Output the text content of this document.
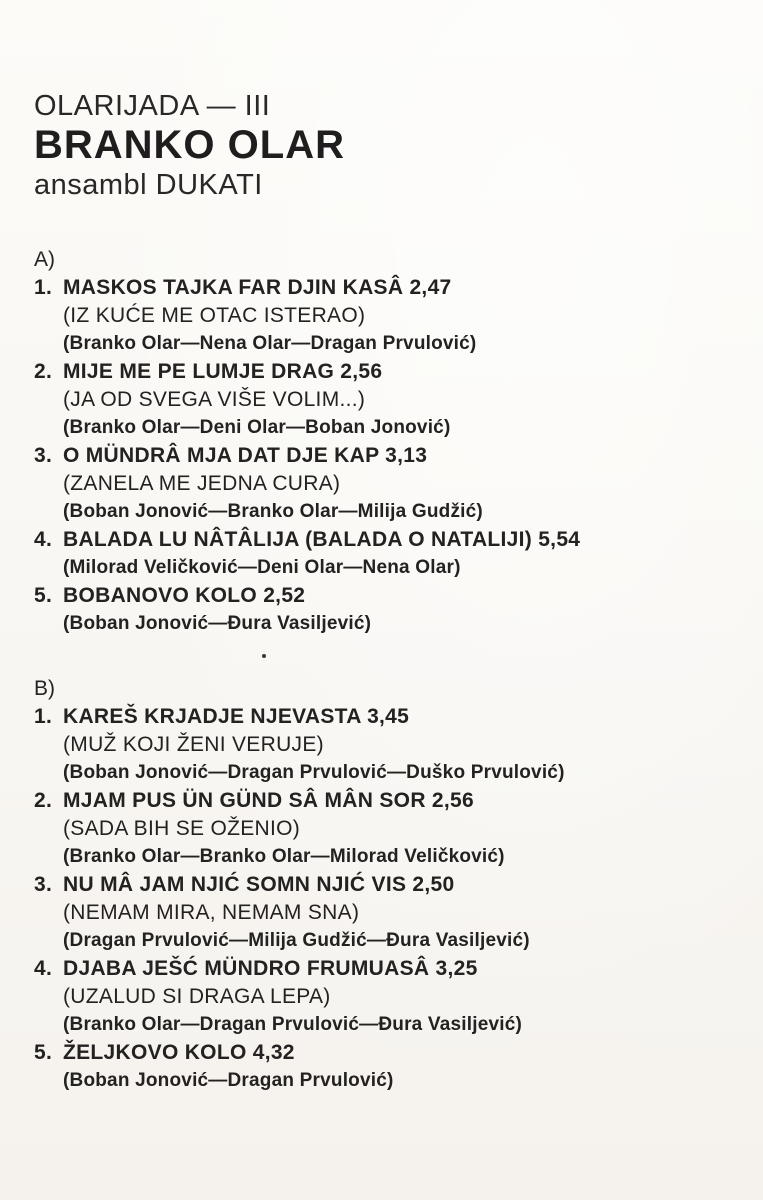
OLARIJADA — III
BRANKO OLAR
ansambl DUKATI
A)
1. MASKOS TAJKA FAR DJIN KASÂ 2,47
(IZ KUĆE ME OTAC ISTERAO)
(Branko Olar—Nena Olar—Dragan Prvulović)
2. MIJE ME PE LUMJE DRAG 2,56
(JA OD SVEGA VIŠE VOLIM...)
(Branko Olar—Deni Olar—Boban Jonović)
3. O MÜNDRÂ MJA DAT DJE KAP 3,13
(ZANELA ME JEDNA CURA)
(Boban Jonović—Branko Olar—Milija Gudžić)
4. BALADA LU NÂTÂLIJA (BALADA O NATALIJI) 5,54
(Milorad Veličković—Deni Olar—Nena Olar)
5. BOBANOVO KOLO 2,52
(Boban Jonović—Đura Vasiljević)
B)
1. KAREŠ KRJADJE NJEVASTA 3,45
(MUŽ KOJI ŽENI VERUJE)
(Boban Jonović—Dragan Prvulović—Duško Prvulović)
2. MJAM PUS ÜN GÜND SÂ MÂN SOR 2,56
(SADA BIH SE OŽENIO)
(Branko Olar—Branko Olar—Milorad Veličković)
3. NU MÂ JAM NJIĆ SOMN NJIĆ VIS 2,50
(NEMAM MIRA, NEMAM SNA)
(Dragan Prvulović—Milija Gudžić—Đura Vasiljević)
4. DJABA JEŠĆ MÜNDRO FRUMUASÂ 3,25
(UZALUD SI DRAGA LEPA)
(Branko Olar—Dragan Prvulović—Đura Vasiljević)
5. ŽELJKOVO KOLO 4,32
(Boban Jonović—Dragan Prvulović)
